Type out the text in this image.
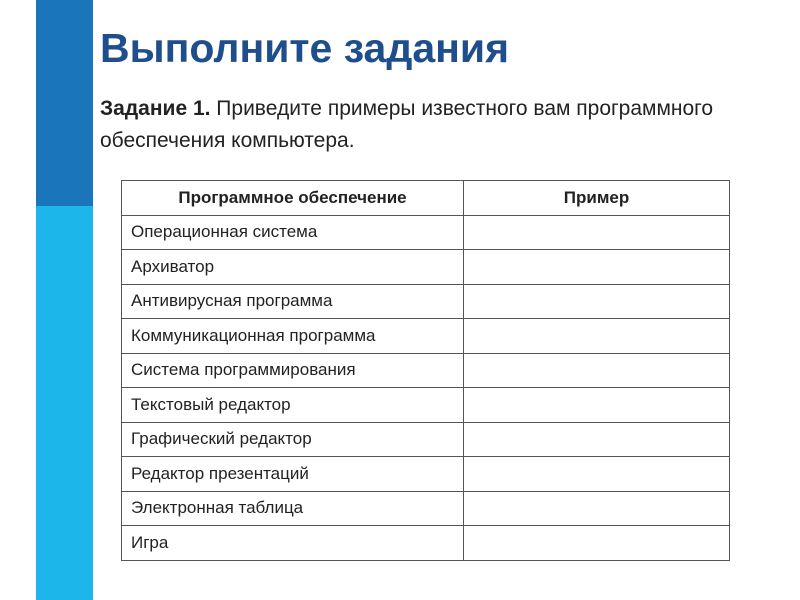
Выполните задания

Задание 1. Приведите примеры известного вам программного обеспечения компьютера.

Программное обеспечение	Пример
Операционная система	
Архиватор	
Антивирусная программа	
Коммуникационная программа	
Система программирования	
Текстовый редактор	
Графический редактор	
Редактор презентаций	
Электронная таблица	
Игра	
